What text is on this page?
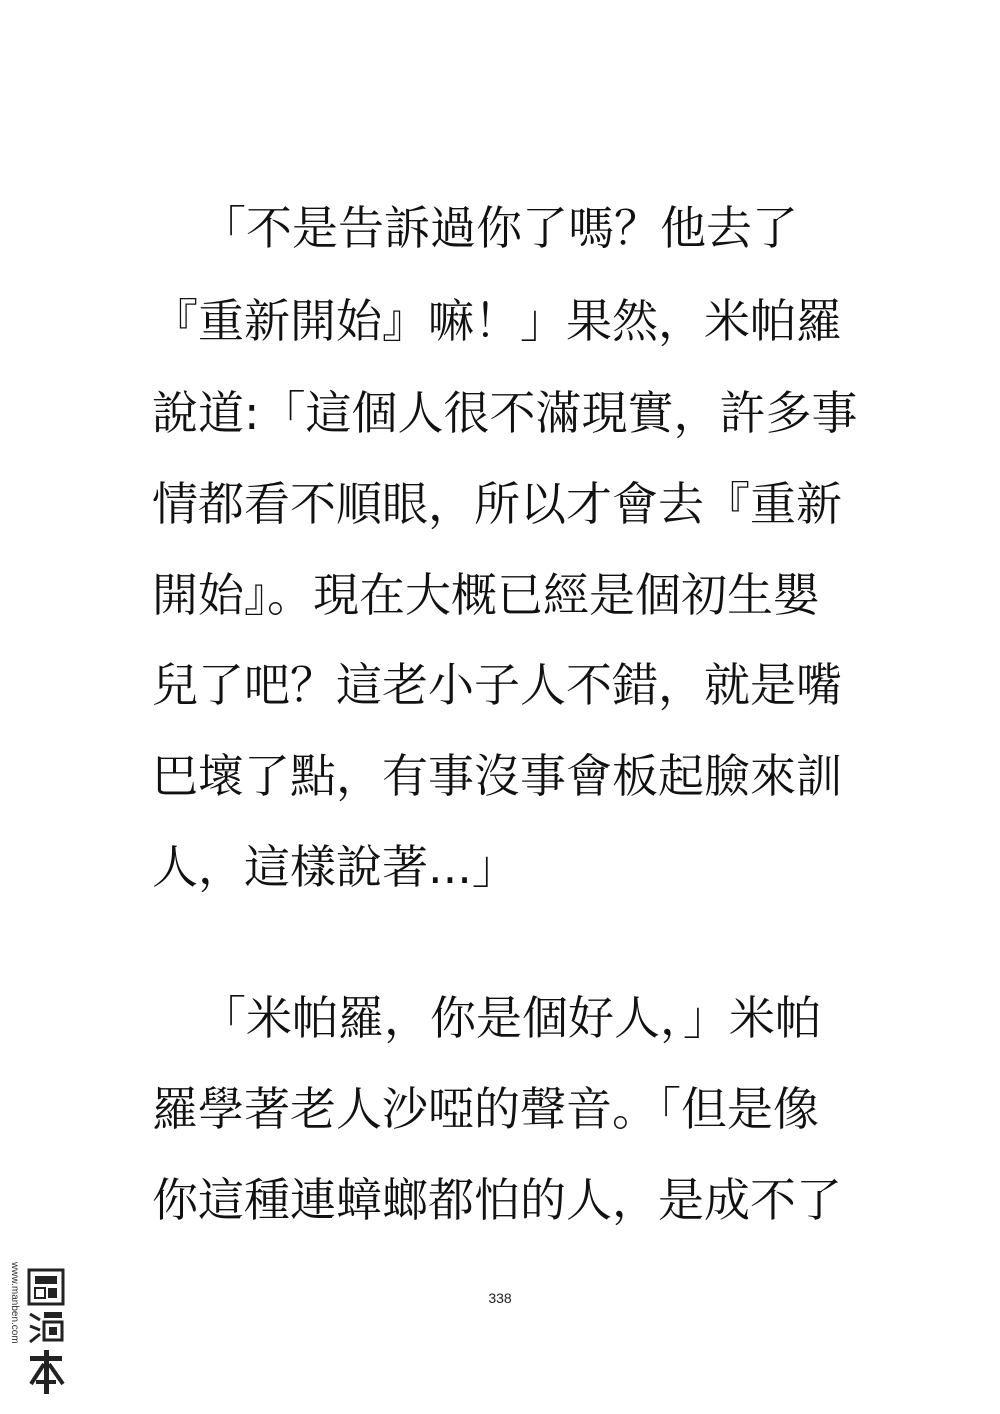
「不是告訴過你了嗎？他去了
『重新開始』嘛！」果然，米帕羅
說道:「這個人很不滿現實，許多事
情都看不順眼，所以才會去『重新
開始』。現在大概已經是個初生嬰
兒了吧？這老小子人不錯，就是嘴
巴壞了點，有事沒事會板起臉來訓
人，這樣說著...」
「米帕羅，你是個好人，」米帕
羅學著老人沙啞的聲音。「但是像
你這種連蟑螂都怕的人，是成不了
338
www.manben.com
